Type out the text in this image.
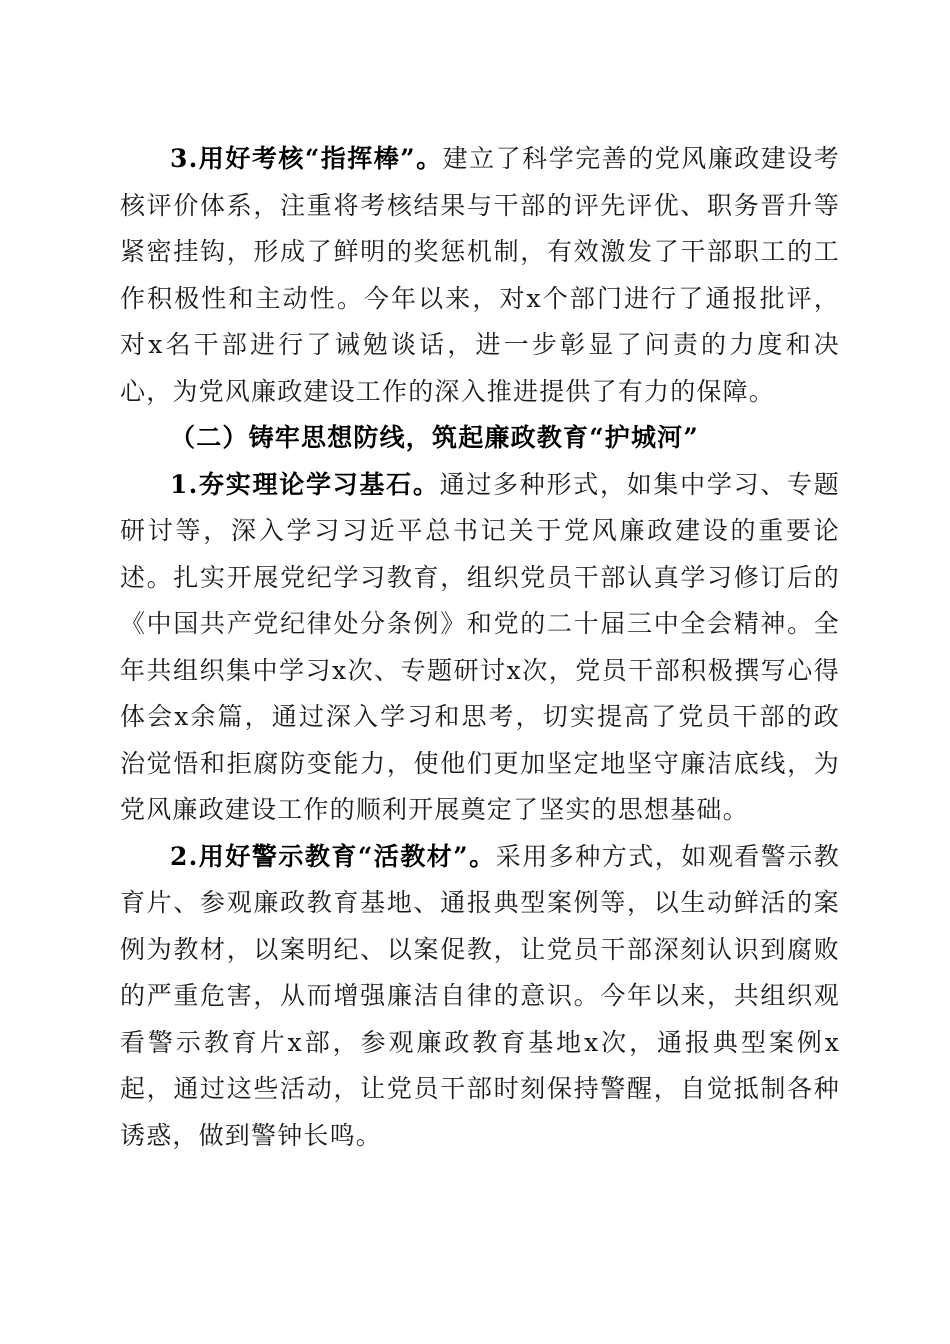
3.用好考核“指挥棒”。建立了科学完善的党风廉政建设考核评价体系，注重将考核结果与干部的评先评优、职务晋升等紧密挂钩，形成了鲜明的奖惩机制，有效激发了干部职工的工作积极性和主动性。今年以来，对x个部门进行了通报批评，对x名干部进行了诫勉谈话，进一步彰显了问责的力度和决心，为党风廉政建设工作的深入推进提供了有力的保障。

（二）铸牢思想防线，筑起廉政教育“护城河”

1.夯实理论学习基石。通过多种形式，如集中学习、专题研讨等，深入学习习近平总书记关于党风廉政建设的重要论述。扎实开展党纪学习教育，组织党员干部认真学习修订后的《中国共产党纪律处分条例》和党的二十届三中全会精神。全年共组织集中学习x次、专题研讨x次，党员干部积极撰写心得体会x余篇，通过深入学习和思考，切实提高了党员干部的政治觉悟和拒腐防变能力，使他们更加坚定地坚守廉洁底线，为党风廉政建设工作的顺利开展奠定了坚实的思想基础。

2.用好警示教育“活教材”。采用多种方式，如观看警示教育片、参观廉政教育基地、通报典型案例等，以生动鲜活的案例为教材，以案明纪、以案促教，让党员干部深刻认识到腐败的严重危害，从而增强廉洁自律的意识。今年以来，共组织观看警示教育片x部，参观廉政教育基地x次，通报典型案例x起，通过这些活动，让党员干部时刻保持警醒，自觉抵制各种诱惑，做到警钟长鸣。
